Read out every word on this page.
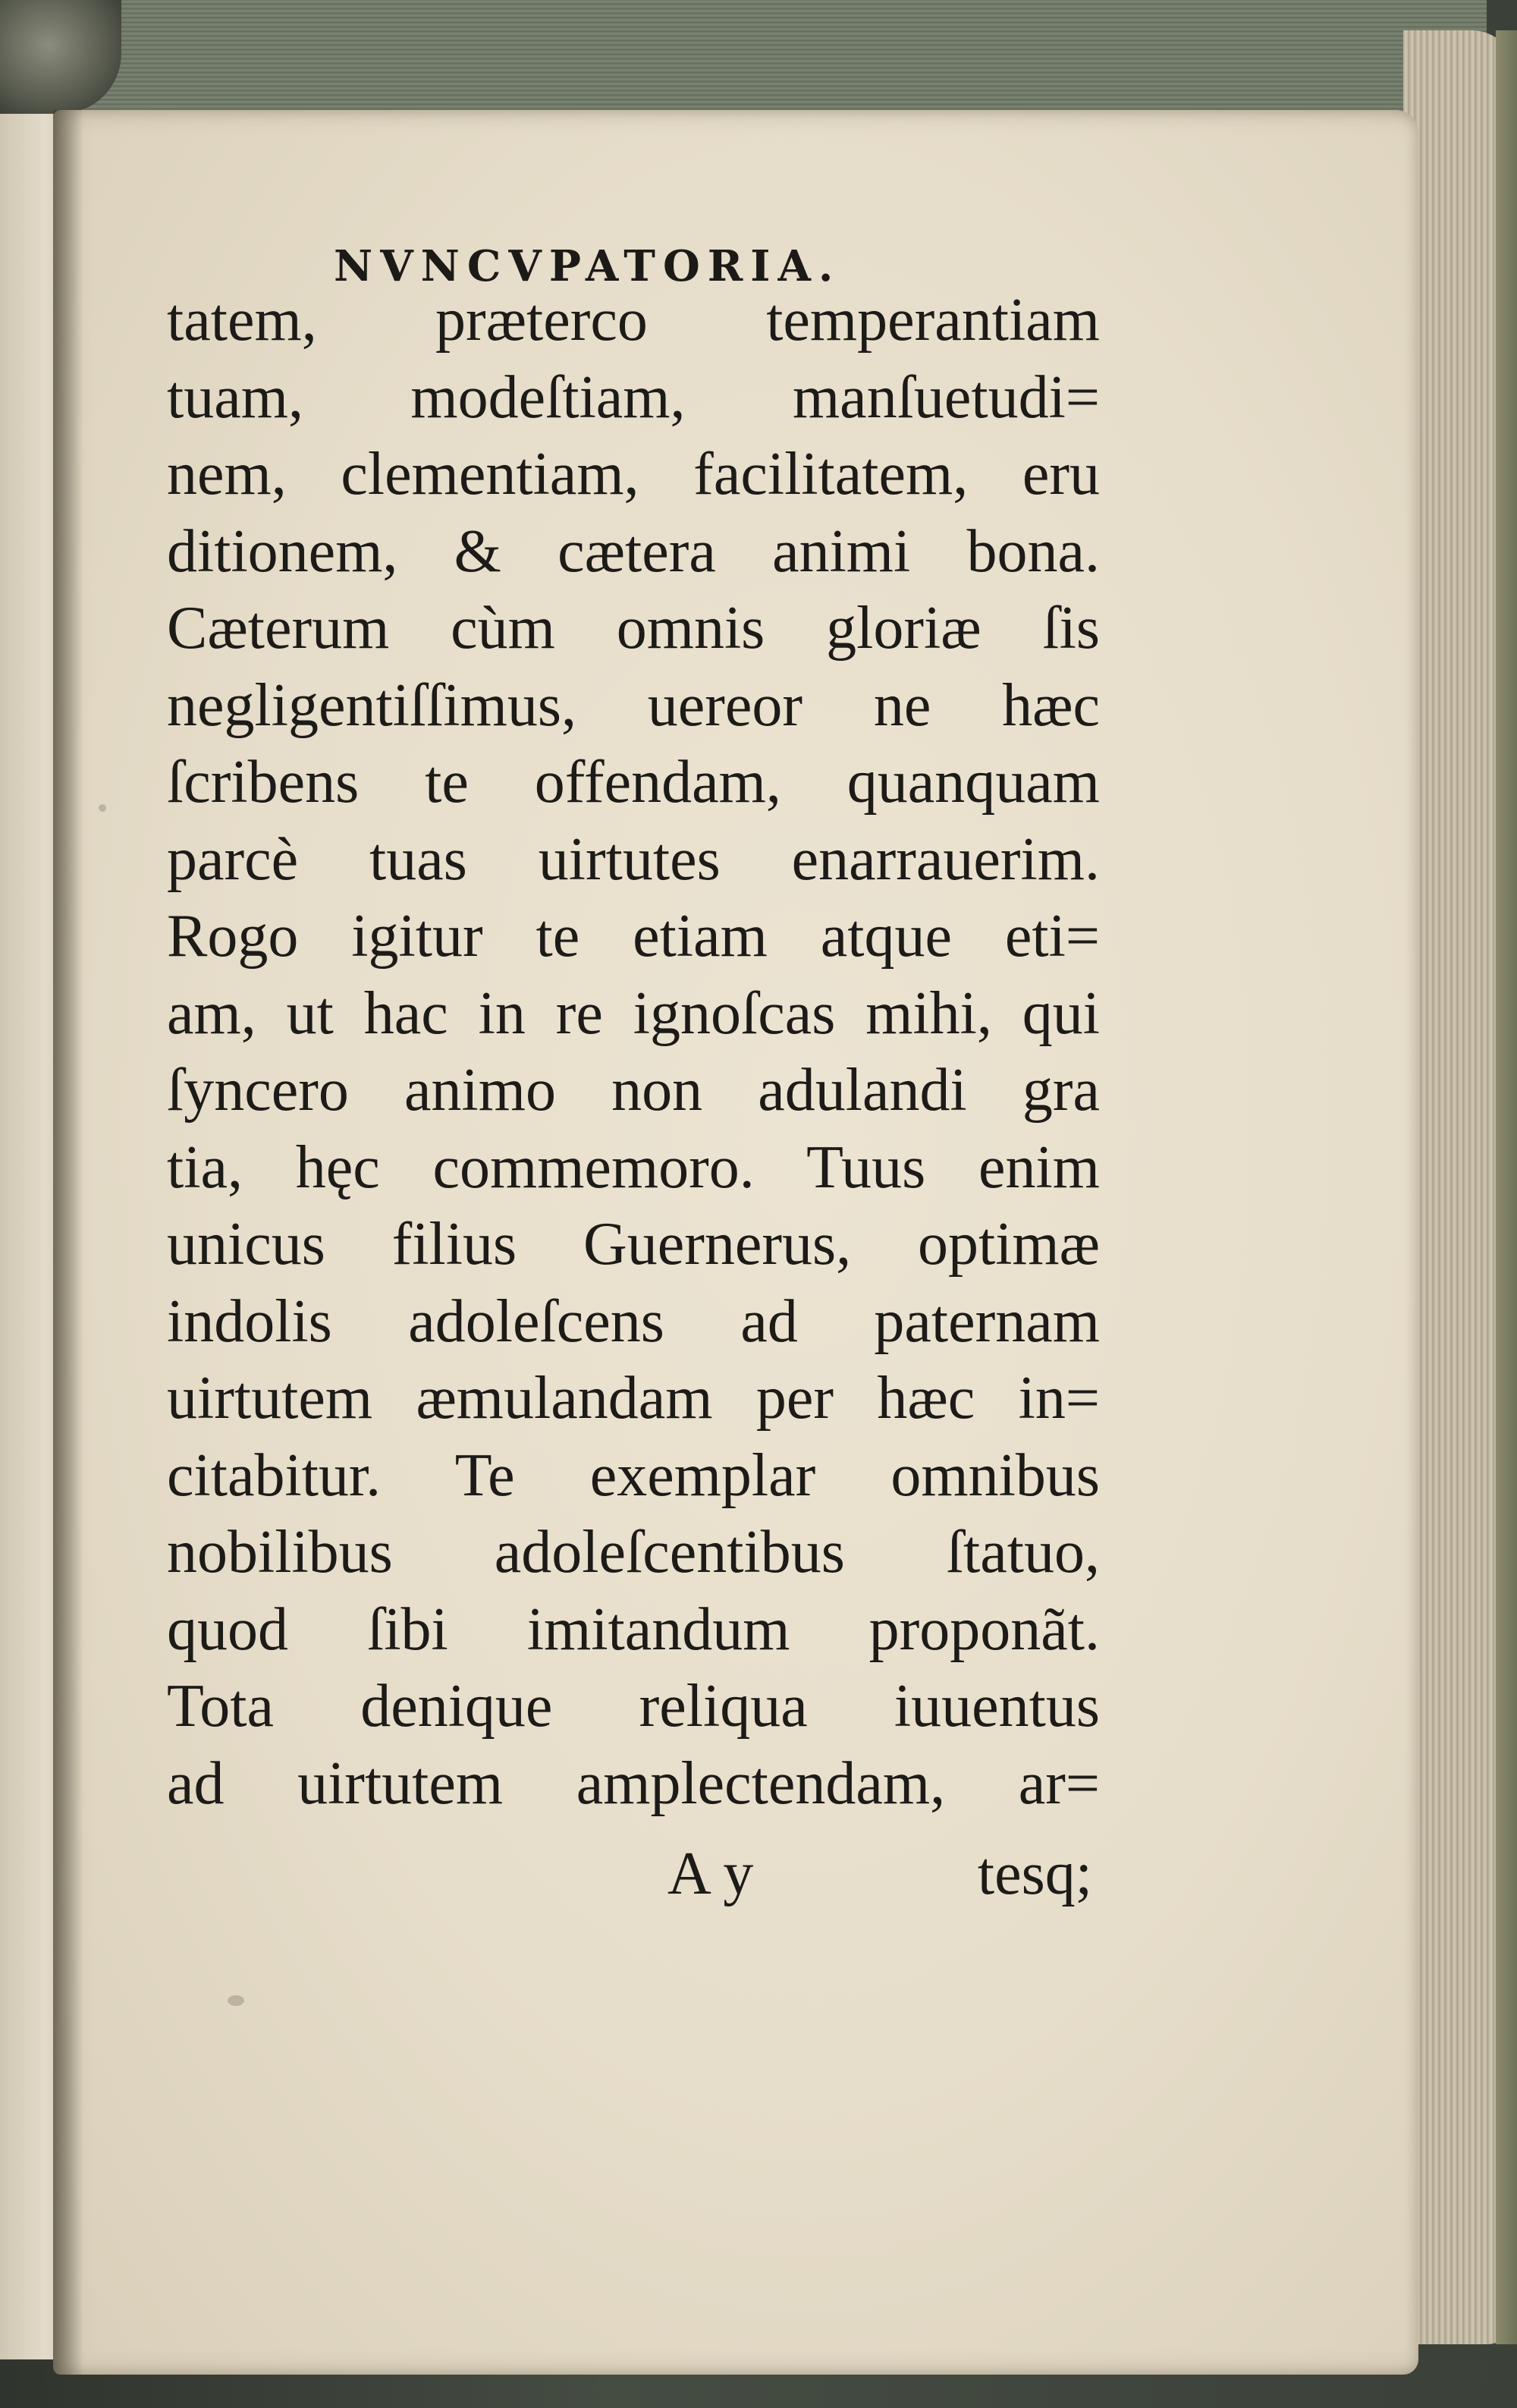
NVNCVPATORIA.
tatem, præterco temperantiam
tuam, modeſtiam, manſuetudi=
nem, clementiam, facilitatem, eru
ditionem, & cætera animi bona.
Cæterum cùm omnis gloriæ ſis
negligentiſſimus, uereor ne hæc
ſcribens te offendam, quanquam
parcè tuas uirtutes enarrauerim.
Rogo igitur te etiam atque eti=
am, ut hac in re ignoſcas mihi, qui
ſyncero animo non adulandi gra
tia, hęc commemoro. Tuus enim
unicus filius Guernerus, optimæ
indolis adoleſcens ad paternam
uirtutem æmulandam per hæc in=
citabitur. Te exemplar omnibus
nobilibus adoleſcentibus ſtatuo,
quod ſibi imitandum proponãt.
Tota denique reliqua iuuentus
ad uirtutem amplectendam, ar=
A y	tesq;
